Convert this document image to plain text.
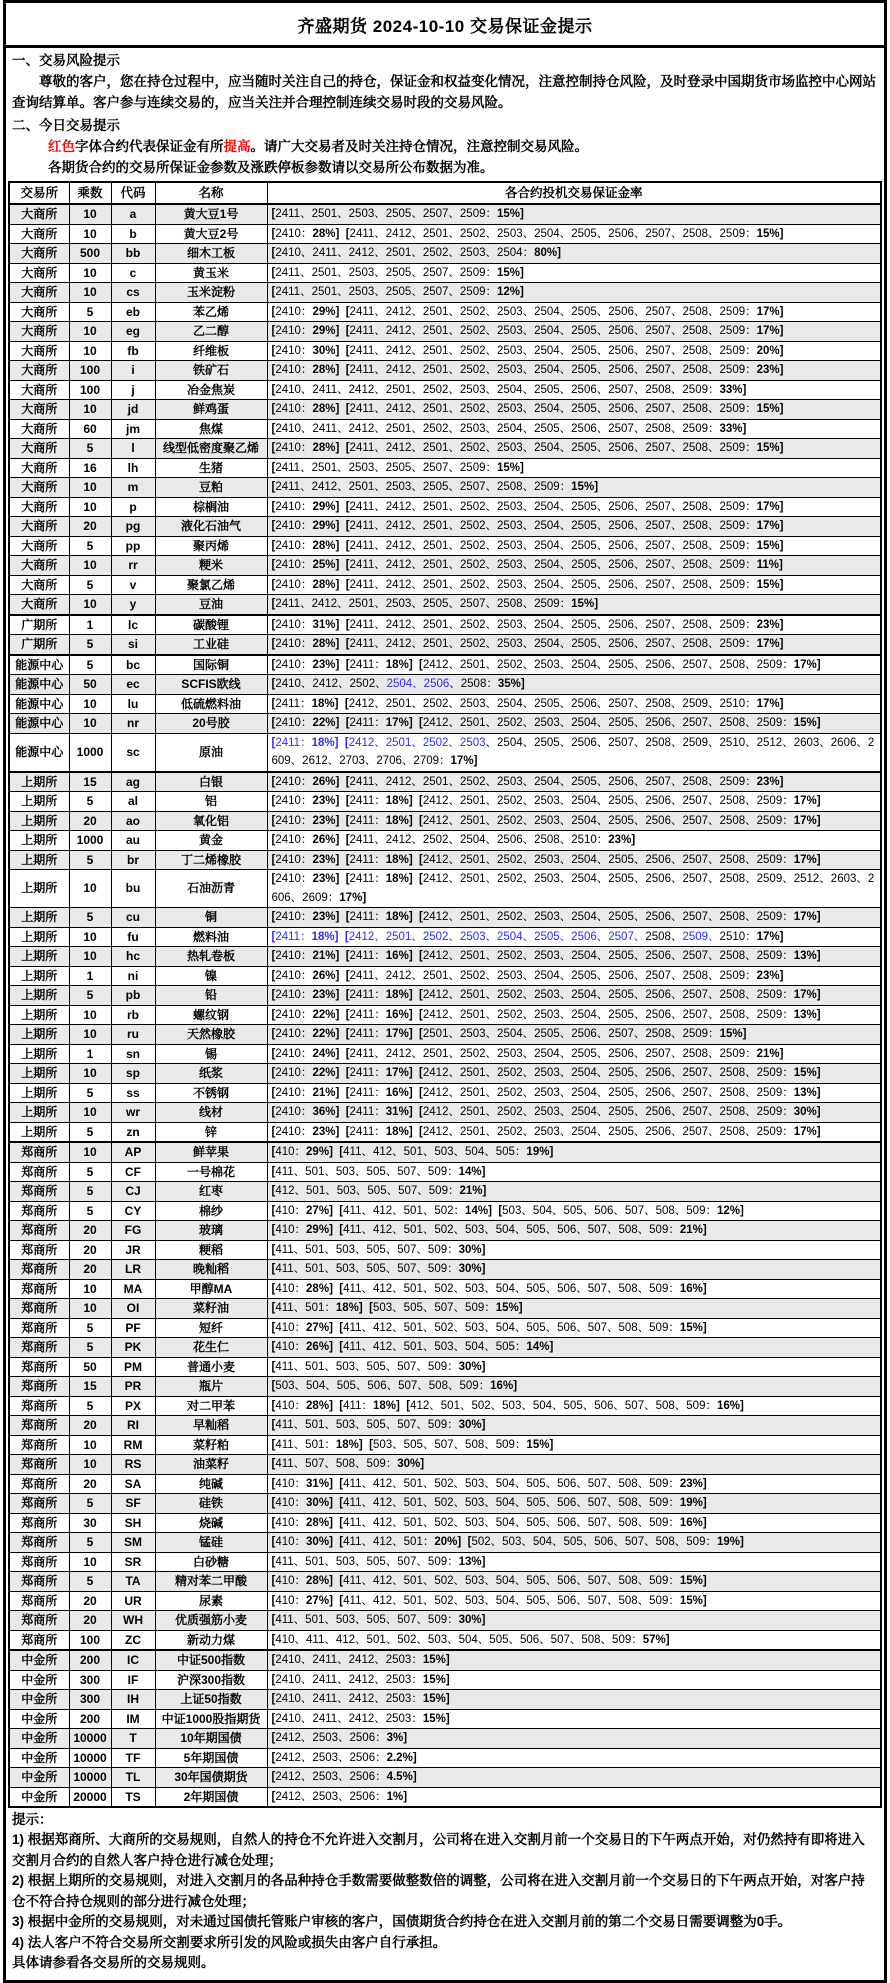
齐盛期货 2024-10-10 交易保证金提示
一、交易风险提示

尊敬的客户，您在持仓过程中，应当随时关注自己的持仓，保证金和权益变化情况，注意控制持仓风险，及时登录中国期货市场监控中心网站查询结算单。客户参与连续交易的，应当关注并合理控制连续交易时段的交易风险。

二、今日交易提示
红色字体合约代表保证金有所提高。请广大交易者及时关注持仓情况，注意控制交易风险。
各期货合约的交易所保证金参数及涨跌停板参数请以交易所公布数据为准。
交易所	乘数	代码	名称	各合约投机交易保证金率
大商所	10	a	黄大豆1号	[2411、2501、2503、2505、2507、2509：15%]
大商所	10	b	黄大豆2号	[2410：28%] [2411、2412、2501、2502、2503、2504、2505、2506、2507、2508、2509：15%]
大商所	500	bb	细木工板	[2410、2411、2412、2501、2502、2503、2504：80%]
大商所	10	c	黄玉米	[2411、2501、2503、2505、2507、2509：15%]
大商所	10	cs	玉米淀粉	[2411、2501、2503、2505、2507、2509：12%]
大商所	5	eb	苯乙烯	[2410：29%] [2411、2412、2501、2502、2503、2504、2505、2506、2507、2508、2509：17%]
大商所	10	eg	乙二醇	[2410：29%] [2411、2412、2501、2502、2503、2504、2505、2506、2507、2508、2509：17%]
大商所	10	fb	纤维板	[2410：30%] [2411、2412、2501、2502、2503、2504、2505、2506、2507、2508、2509：20%]
大商所	100	i	铁矿石	[2410：28%] [2411、2412、2501、2502、2503、2504、2505、2506、2507、2508、2509：23%]
大商所	100	j	冶金焦炭	[2410、2411、2412、2501、2502、2503、2504、2505、2506、2507、2508、2509：33%]
大商所	10	jd	鲜鸡蛋	[2410：28%] [2411、2412、2501、2502、2503、2504、2505、2506、2507、2508、2509：15%]
大商所	60	jm	焦煤	[2410、2411、2412、2501、2502、2503、2504、2505、2506、2507、2508、2509：33%]
大商所	5	l	线型低密度聚乙烯	[2410：28%] [2411、2412、2501、2502、2503、2504、2505、2506、2507、2508、2509：15%]
大商所	16	lh	生猪	[2411、2501、2503、2505、2507、2509：15%]
大商所	10	m	豆粕	[2411、2412、2501、2503、2505、2507、2508、2509：15%]
大商所	10	p	棕榈油	[2410：29%] [2411、2412、2501、2502、2503、2504、2505、2506、2507、2508、2509：17%]
大商所	20	pg	液化石油气	[2410：29%] [2411、2412、2501、2502、2503、2504、2505、2506、2507、2508、2509：17%]
大商所	5	pp	聚丙烯	[2410：28%] [2411、2412、2501、2502、2503、2504、2505、2506、2507、2508、2509：15%]
大商所	10	rr	粳米	[2410：25%] [2411、2412、2501、2502、2503、2504、2505、2506、2507、2508、2509：11%]
大商所	5	v	聚氯乙烯	[2410：28%] [2411、2412、2501、2502、2503、2504、2505、2506、2507、2508、2509：15%]
大商所	10	y	豆油	[2411、2412、2501、2503、2505、2507、2508、2509：15%]
广期所	1	lc	碳酸锂	[2410：31%] [2411、2412、2501、2502、2503、2504、2505、2506、2507、2508、2509：23%]
广期所	5	si	工业硅	[2410：28%] [2411、2412、2501、2502、2503、2504、2505、2506、2507、2508、2509：17%]
能源中心	5	bc	国际铜	[2410：23%] [2411：18%] [2412、2501、2502、2503、2504、2505、2506、2507、2508、2509：17%]
能源中心	50	ec	SCFIS欧线	[2410、2412、2502、2504、2506、2508：35%]
能源中心	10	lu	低硫燃料油	[2411：18%] [2412、2501、2502、2503、2504、2505、2506、2507、2508、2509、2510：17%]
能源中心	10	nr	20号胶	[2410：22%] [2411：17%] [2412、2501、2502、2503、2504、2505、2506、2507、2508、2509：15%]
能源中心	1000	sc	原油	[2411：18%] [2412、2501、2502、2503、2504、2505、2506、2507、2508、2509、2510、2512、2603、2606、2609、2612、2703、2706、2709：17%]
上期所	15	ag	白银	[2410：26%] [2411、2412、2501、2502、2503、2504、2505、2506、2507、2508、2509：23%]
上期所	5	al	铝	[2410：23%] [2411：18%] [2412、2501、2502、2503、2504、2505、2506、2507、2508、2509：17%]
上期所	20	ao	氧化铝	[2410：23%] [2411：18%] [2412、2501、2502、2503、2504、2505、2506、2507、2508、2509：17%]
上期所	1000	au	黄金	[2410：26%] [2411、2412、2502、2504、2506、2508、2510：23%]
上期所	5	br	丁二烯橡胶	[2410：23%] [2411：18%] [2412、2501、2502、2503、2504、2505、2506、2507、2508、2509：17%]
上期所	10	bu	石油沥青	[2410：23%] [2411：18%] [2412、2501、2502、2503、2504、2505、2506、2507、2508、2509、2512、2603、2606、2609：17%]
上期所	5	cu	铜	[2410：23%] [2411：18%] [2412、2501、2502、2503、2504、2505、2506、2507、2508、2509：17%]
上期所	10	fu	燃料油	[2411：18%] [2412、2501、2502、2503、2504、2505、2506、2507、2508、2509、2510：17%]
上期所	10	hc	热轧卷板	[2410：21%] [2411：16%] [2412、2501、2502、2503、2504、2505、2506、2507、2508、2509：13%]
上期所	1	ni	镍	[2410：26%] [2411、2412、2501、2502、2503、2504、2505、2506、2507、2508、2509：23%]
上期所	5	pb	铅	[2410：23%] [2411：18%] [2412、2501、2502、2503、2504、2505、2506、2507、2508、2509：17%]
上期所	10	rb	螺纹钢	[2410：22%] [2411：16%] [2412、2501、2502、2503、2504、2505、2506、2507、2508、2509：13%]
上期所	10	ru	天然橡胶	[2410：22%] [2411：17%] [2501、2503、2504、2505、2506、2507、2508、2509：15%]
上期所	1	sn	锡	[2410：24%] [2411、2412、2501、2502、2503、2504、2505、2506、2507、2508、2509：21%]
上期所	10	sp	纸浆	[2410：22%] [2411：17%] [2412、2501、2502、2503、2504、2505、2506、2507、2508、2509：15%]
上期所	5	ss	不锈钢	[2410：21%] [2411：16%] [2412、2501、2502、2503、2504、2505、2506、2507、2508、2509：13%]
上期所	10	wr	线材	[2410：36%] [2411：31%] [2412、2501、2502、2503、2504、2505、2506、2507、2508、2509：30%]
上期所	5	zn	锌	[2410：23%] [2411：18%] [2412、2501、2502、2503、2504、2505、2506、2507、2508、2509：17%]
郑商所	10	AP	鲜苹果	[410：29%] [411、412、501、503、504、505：19%]
郑商所	5	CF	一号棉花	[411、501、503、505、507、509：14%]
郑商所	5	CJ	红枣	[412、501、503、505、507、509：21%]
郑商所	5	CY	棉纱	[410：27%] [411、412、501、502：14%] [503、504、505、506、507、508、509：12%]
郑商所	20	FG	玻璃	[410：29%] [411、412、501、502、503、504、505、506、507、508、509：21%]
郑商所	20	JR	粳稻	[411、501、503、505、507、509：30%]
郑商所	20	LR	晚籼稻	[411、501、503、505、507、509：30%]
郑商所	10	MA	甲醇MA	[410：28%] [411、412、501、502、503、504、505、506、507、508、509：16%]
郑商所	10	OI	菜籽油	[411、501：18%] [503、505、507、509：15%]
郑商所	5	PF	短纤	[410：27%] [411、412、501、502、503、504、505、506、507、508、509：15%]
郑商所	5	PK	花生仁	[410：26%] [411、412、501、503、504、505：14%]
郑商所	50	PM	普通小麦	[411、501、503、505、507、509：30%]
郑商所	15	PR	瓶片	[503、504、505、506、507、508、509：16%]
郑商所	5	PX	对二甲苯	[410：28%] [411：18%] [412、501、502、503、504、505、506、507、508、509：16%]
郑商所	20	RI	早籼稻	[411、501、503、505、507、509：30%]
郑商所	10	RM	菜籽粕	[411、501：18%] [503、505、507、508、509：15%]
郑商所	10	RS	油菜籽	[411、507、508、509：30%]
郑商所	20	SA	纯碱	[410：31%] [411、412、501、502、503、504、505、506、507、508、509：23%]
郑商所	5	SF	硅铁	[410：30%] [411、412、501、502、503、504、505、506、507、508、509：19%]
郑商所	30	SH	烧碱	[410：28%] [411、412、501、502、503、504、505、506、507、508、509：16%]
郑商所	5	SM	锰硅	[410：30%] [411、412、501：20%] [502、503、504、505、506、507、508、509：19%]
郑商所	10	SR	白砂糖	[411、501、503、505、507、509：13%]
郑商所	5	TA	精对苯二甲酸	[410：28%] [411、412、501、502、503、504、505、506、507、508、509：15%]
郑商所	20	UR	尿素	[410：27%] [411、412、501、502、503、504、505、506、507、508、509：15%]
郑商所	20	WH	优质强筋小麦	[411、501、503、505、507、509：30%]
郑商所	100	ZC	新动力煤	[410、411、412、501、502、503、504、505、506、507、508、509：57%]
中金所	200	IC	中证500指数	[2410、2411、2412、2503：15%]
中金所	300	IF	沪深300指数	[2410、2411、2412、2503：15%]
中金所	300	IH	上证50指数	[2410、2411、2412、2503：15%]
中金所	200	IM	中证1000股指期货	[2410、2411、2412、2503：15%]
中金所	10000	T	10年期国债	[2412、2503、2506：3%]
中金所	10000	TF	5年期国债	[2412、2503、2506：2.2%]
中金所	10000	TL	30年国债期货	[2412、2503、2506：4.5%]
中金所	20000	TS	2年期国债	[2412、2503、2506：1%]
提示：
1) 根据郑商所、大商所的交易规则，自然人的持仓不允许进入交割月，公司将在进入交割月前一个交易日的下午两点开始，对仍然持有即将进入交割月合约的自然人客户持仓进行减仓处理；
2) 根据上期所的交易规则，对进入交割月的各品种持仓手数需要做整数倍的调整，公司将在进入交割月前一个交易日的下午两点开始，对客户持仓不符合持仓规则的部分进行减仓处理；
3) 根据中金所的交易规则，对未通过国债托管账户审核的客户，国债期货合约持仓在进入交割月前的第二个交易日需要调整为0手。
4) 法人客户不符合交易所交割要求所引发的风险或损失由客户自行承担。
具体请参看各交易所的交易规则。
